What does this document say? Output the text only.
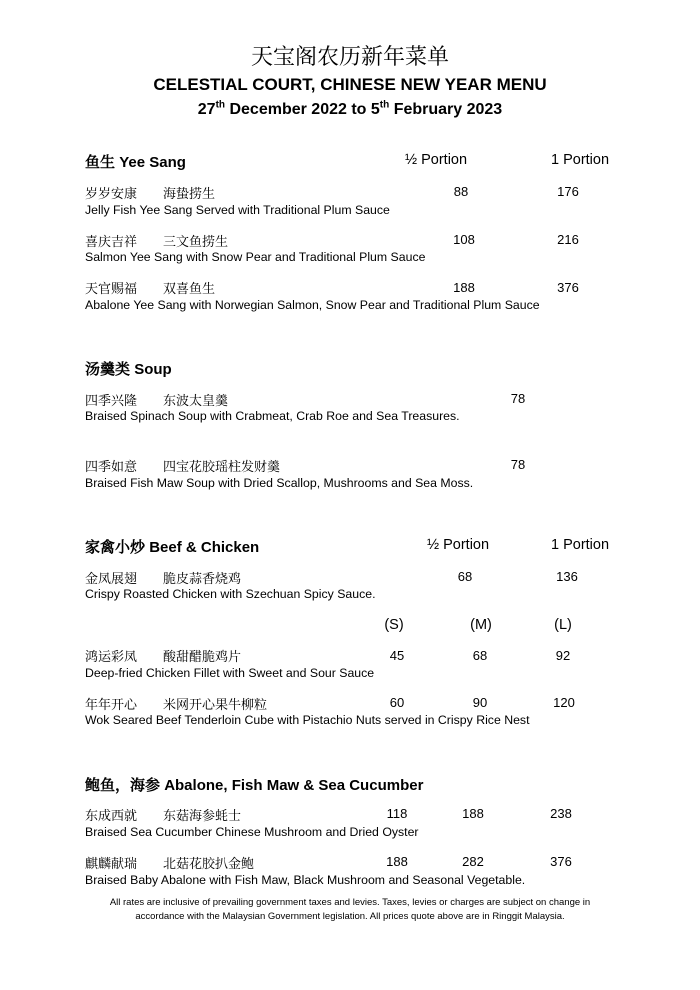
天宝阁农历新年菜单
CELESTIAL COURT, CHINESE NEW YEAR MENU
27th December 2022 to 5th February 2023
鱼生 Yee Sang	½ Portion	1 Portion
岁岁安康 海蛰捞生
Jelly Fish Yee Sang Served with Traditional Plum Sauce
88	176
喜庆吉祥 三文鱼捞生
Salmon Yee Sang with Snow Pear and Traditional Plum Sauce
108	216
天官赐福 双喜鱼生
Abalone Yee Sang with Norwegian Salmon, Snow Pear and Traditional Plum Sauce
188	376
汤羹类 Soup
四季兴隆 东波太皇羹
Braised Spinach Soup with Crabmeat, Crab Roe and Sea Treasures.
78
四季如意 四宝花胶瑶柱发财羹
Braised Fish Maw Soup with Dried Scallop, Mushrooms and Sea Moss.
78
家禽小炒 Beef & Chicken	½ Portion	1 Portion
金凤展翅 脆皮蒜香烧鸡
Crispy Roasted Chicken with Szechuan Spicy Sauce.
68	136
(S)	(M)	(L)
鸿运彩凤 酸甜醋脆鸡片
Deep-fried Chicken Fillet with Sweet and Sour Sauce
45	68	92
年年开心 米网开心果牛柳粒
Wok Seared Beef Tenderloin Cube with Pistachio Nuts served in Crispy Rice Nest
60	90	120
鲍鱼，海参 Abalone, Fish Maw & Sea Cucumber
东成西就 东菇海参蚝士
Braised Sea Cucumber Chinese Mushroom and Dried Oyster
118	188	238
麒麟献瑞 北菇花胶扒金鲍
Braised Baby Abalone with Fish Maw, Black Mushroom and Seasonal Vegetable.
188	282	376
All rates are inclusive of prevailing government taxes and levies. Taxes, levies or charges are subject on change in accordance with the Malaysian Government legislation. All prices quote above are in Ringgit Malaysia.
